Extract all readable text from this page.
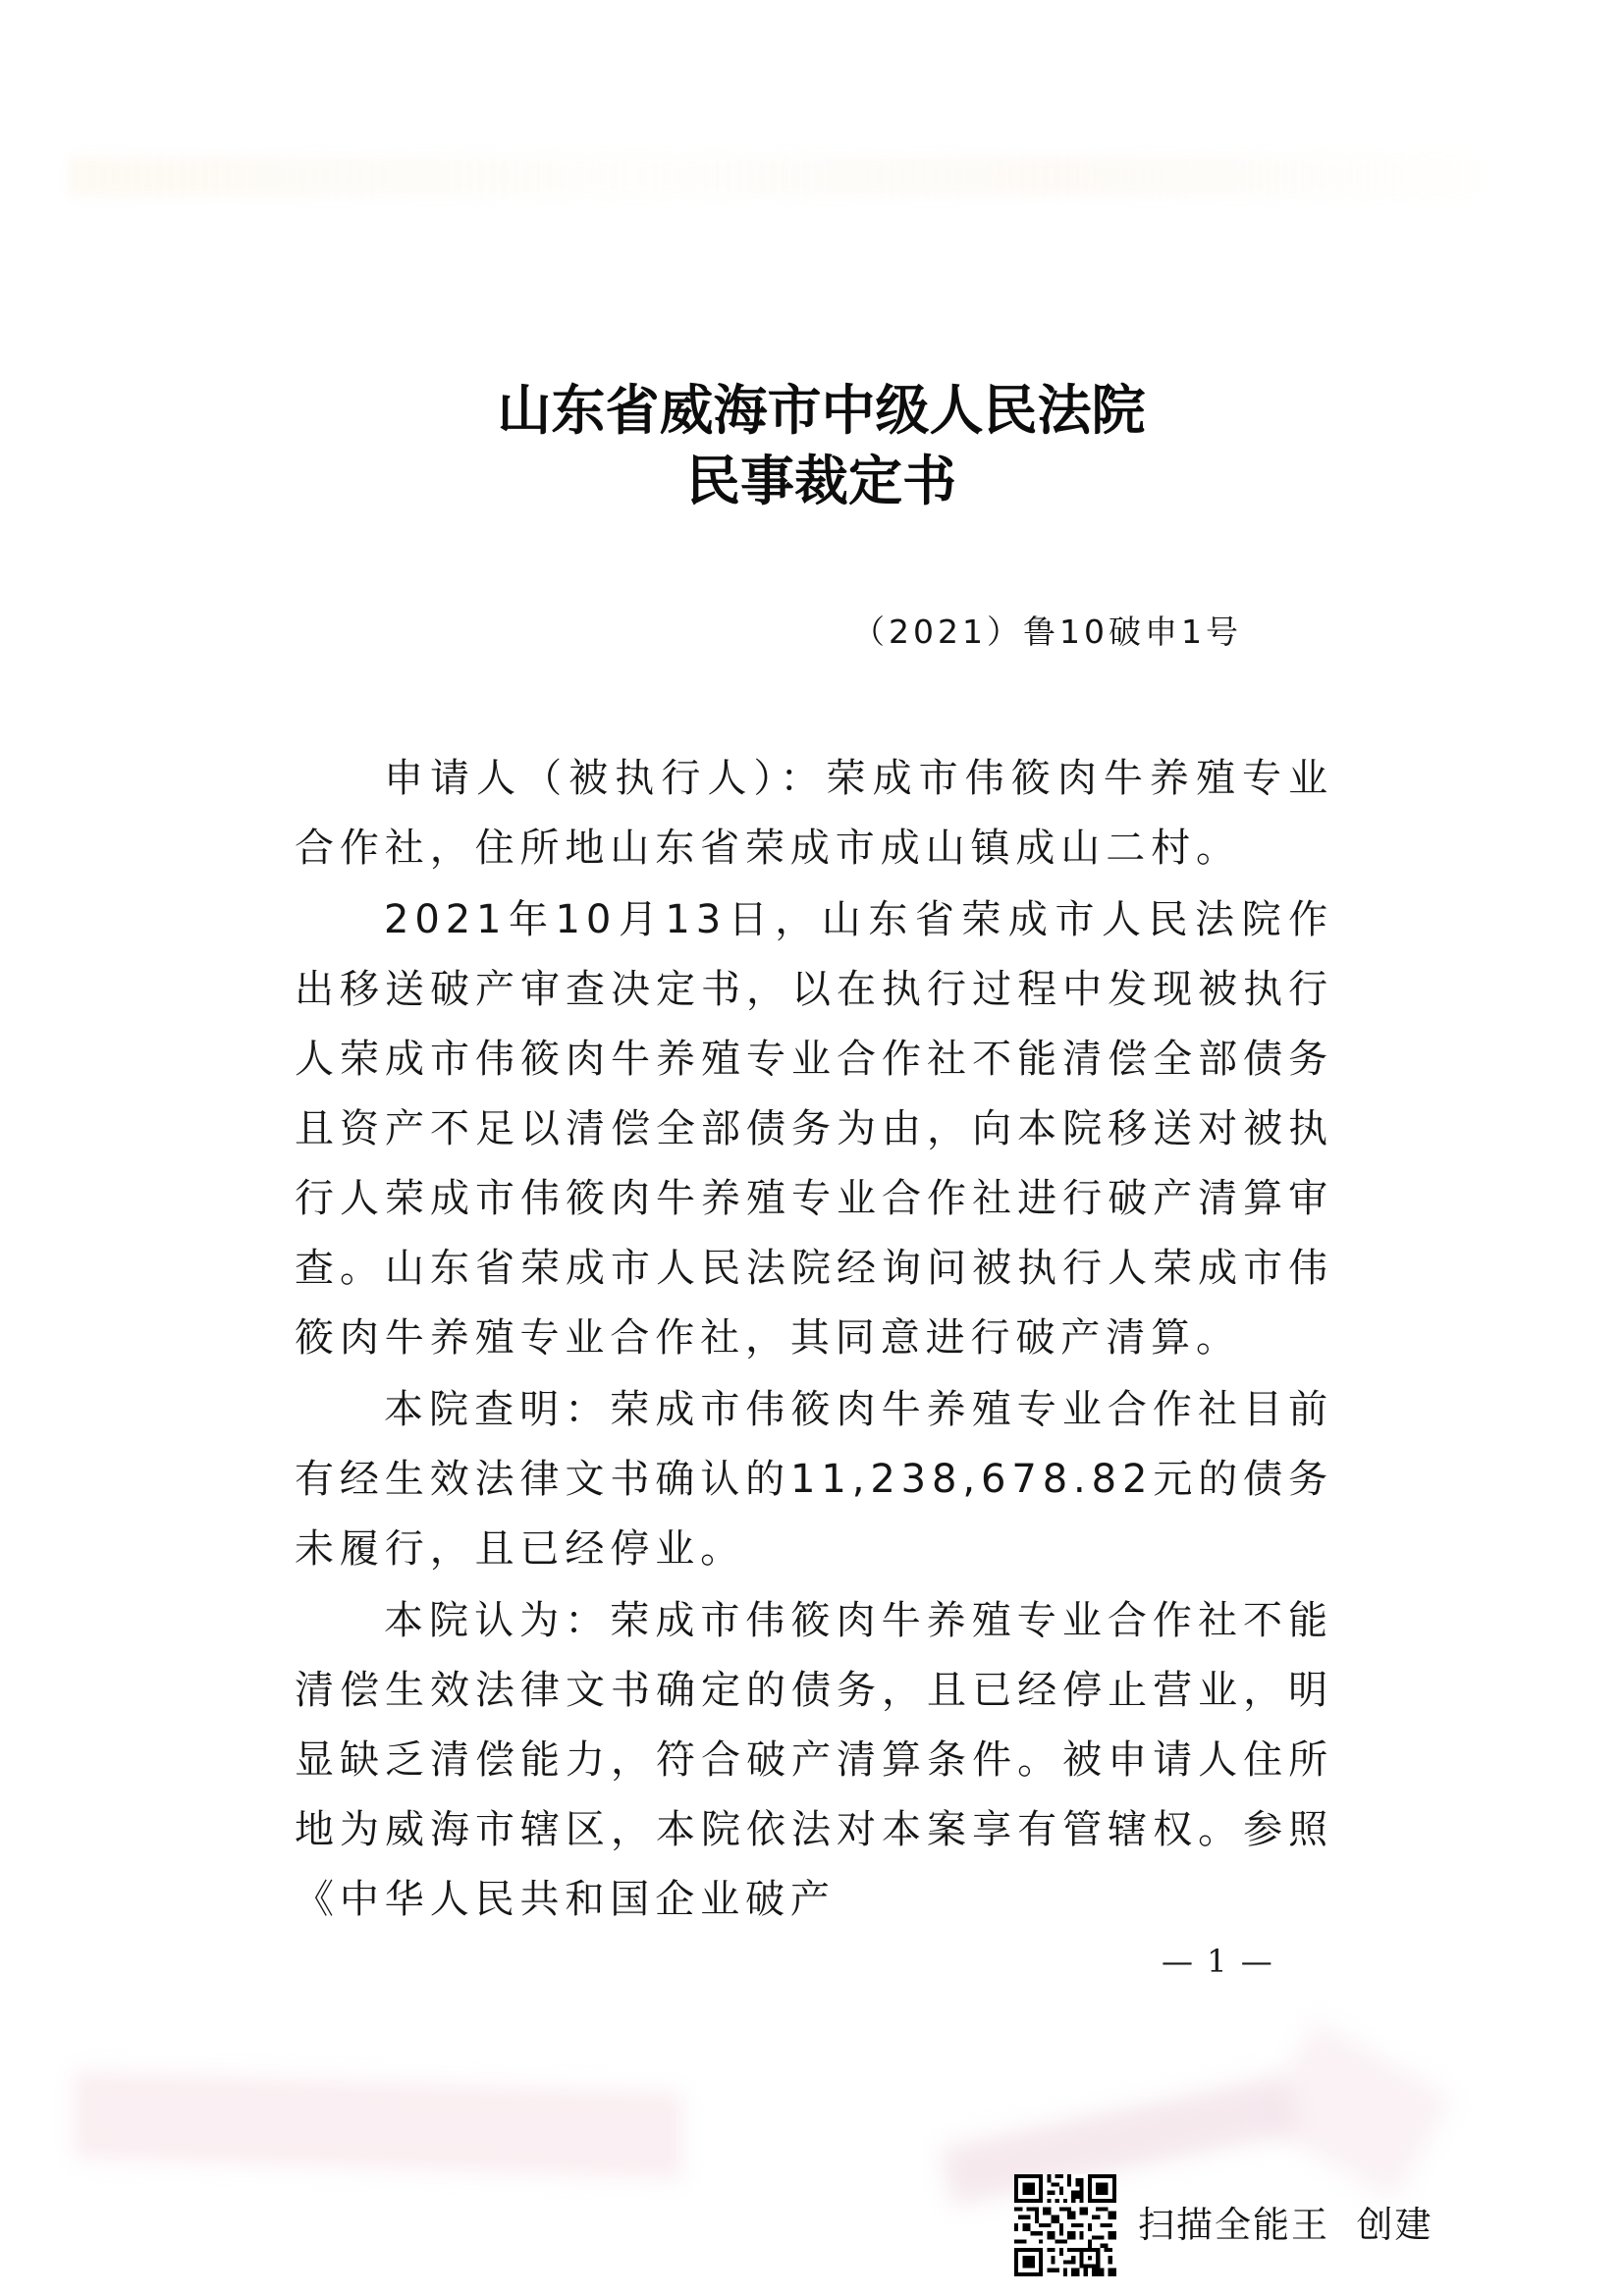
山东省威海市中级人民法院
民事裁定书
（2021）鲁10破申1号

申请人（被执行人）：荣成市伟筱肉牛养殖专业合作社，住所地山东省荣成市成山镇成山二村。

2021年10月13日，山东省荣成市人民法院作出移送破产审查决定书，以在执行过程中发现被执行人荣成市伟筱肉牛养殖专业合作社不能清偿全部债务且资产不足以清偿全部债务为由，向本院移送对被执行人荣成市伟筱肉牛养殖专业合作社进行破产清算审查。山东省荣成市人民法院经询问被执行人荣成市伟筱肉牛养殖专业合作社，其同意进行破产清算。

本院查明：荣成市伟筱肉牛养殖专业合作社目前有经生效法律文书确认的11,238,678.82元的债务未履行，且已经停业。

本院认为：荣成市伟筱肉牛养殖专业合作社不能清偿生效法律文书确定的债务，且已经停止营业，明显缺乏清偿能力，符合破产清算条件。被申请人住所地为威海市辖区，本院依法对本案享有管辖权。参照《中华人民共和国企业破产

— 1 —
扫描全能王  创建
